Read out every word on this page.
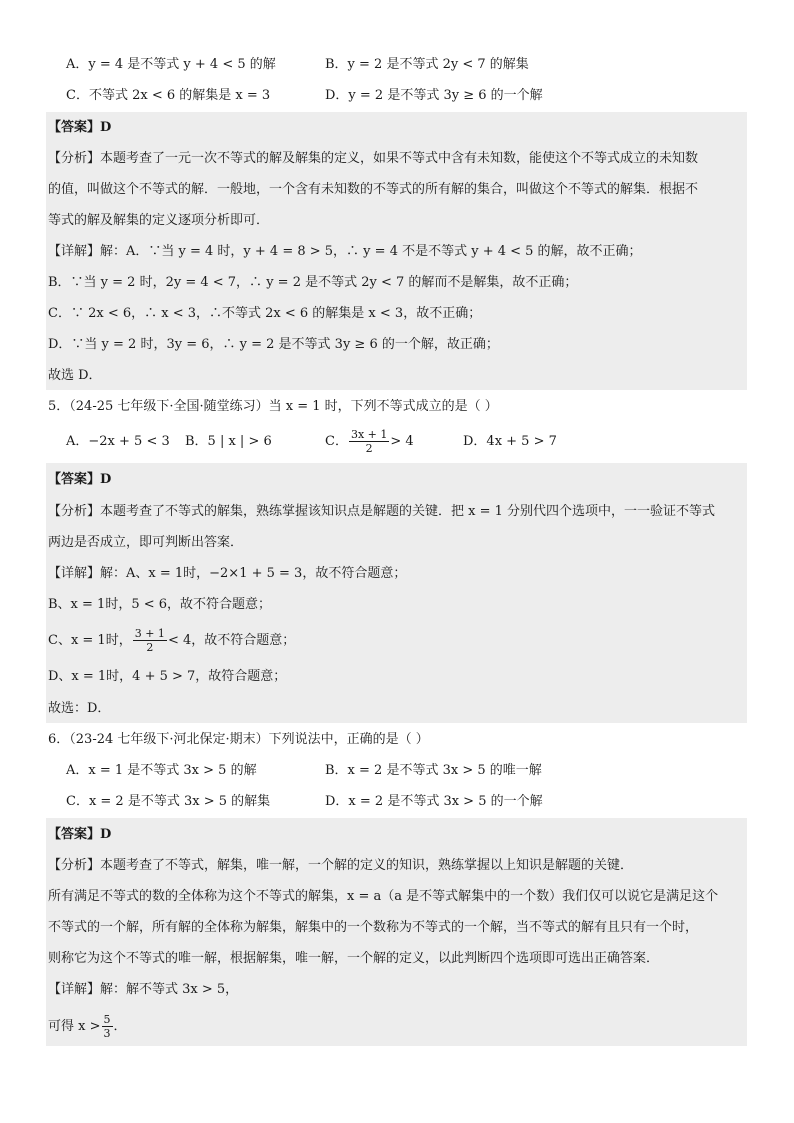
A．y = 4 是不等式 y + 4 < 5 的解	B．y = 2 是不等式 2y < 7 的解集
C．不等式 2x < 6 的解集是 x = 3	D．y = 2 是不等式 3y ≥ 6 的一个解
【答案】D
【分析】本题考查了一元一次不等式的解及解集的定义，如果不等式中含有未知数，能使这个不等式成立的未知数
的值，叫做这个不等式的解．一般地，一个含有未知数的不等式的所有解的集合，叫做这个不等式的解集．根据不
等式的解及解集的定义逐项分析即可．
【详解】解：A．∵当 y = 4 时，y + 4 = 8 > 5，∴ y = 4 不是不等式 y + 4 < 5 的解，故不正确；
B．∵当 y = 2 时，2y = 4 < 7，∴ y = 2 是不等式 2y < 7 的解而不是解集，故不正确；
C．∵ 2x < 6，∴ x < 3，∴不等式 2x < 6 的解集是 x < 3，故不正确；
D．∵当 y = 2 时，3y = 6，∴ y = 2 是不等式 3y ≥ 6 的一个解，故正确；
故选 D．
5．（24-25 七年级下·全国·随堂练习）当 x = 1 时，下列不等式成立的是（ ）
A．−2x + 5 < 3 B．5 | x | > 6	C． $\frac{3x + 1}{2} > 4$	D．4x + 5 > 7
【答案】D
【分析】本题考查了不等式的解集，熟练掌握该知识点是解题的关键．把 x = 1 分别代四个选项中，一一验证不等式
两边是否成立，即可判断出答案．
【详解】解：A、x = 1时，−2×1 + 5 = 3，故不符合题意；
B、x = 1时，5 < 6，故不符合题意；
C、x = 1时， $\frac{3 + 1}{2} < 4$，故不符合题意；
D、x = 1时，4 + 5 > 7，故符合题意；
故选：D．
6．（23-24 七年级下·河北保定·期末）下列说法中，正确的是（ ）
A．x = 1 是不等式 3x > 5 的解	B．x = 2 是不等式 3x > 5 的唯一解
C．x = 2 是不等式 3x > 5 的解集	D．x = 2 是不等式 3x > 5 的一个解
【答案】D
【分析】本题考查了不等式，解集，唯一解，一个解的定义的知识，熟练掌握以上知识是解题的关键．
所有满足不等式的数的全体称为这个不等式的解集，x = a（a 是不等式解集中的一个数）我们仅可以说它是满足这个
不等式的一个解，所有解的全体称为解集，解集中的一个数称为不等式的一个解，当不等式的解有且只有一个时，
则称它为这个不等式的唯一解，根据解集，唯一解，一个解的定义，以此判断四个选项即可选出正确答案．
【详解】解：解不等式 3x > 5，
可得 $x > \frac{5}{3}$ ．
